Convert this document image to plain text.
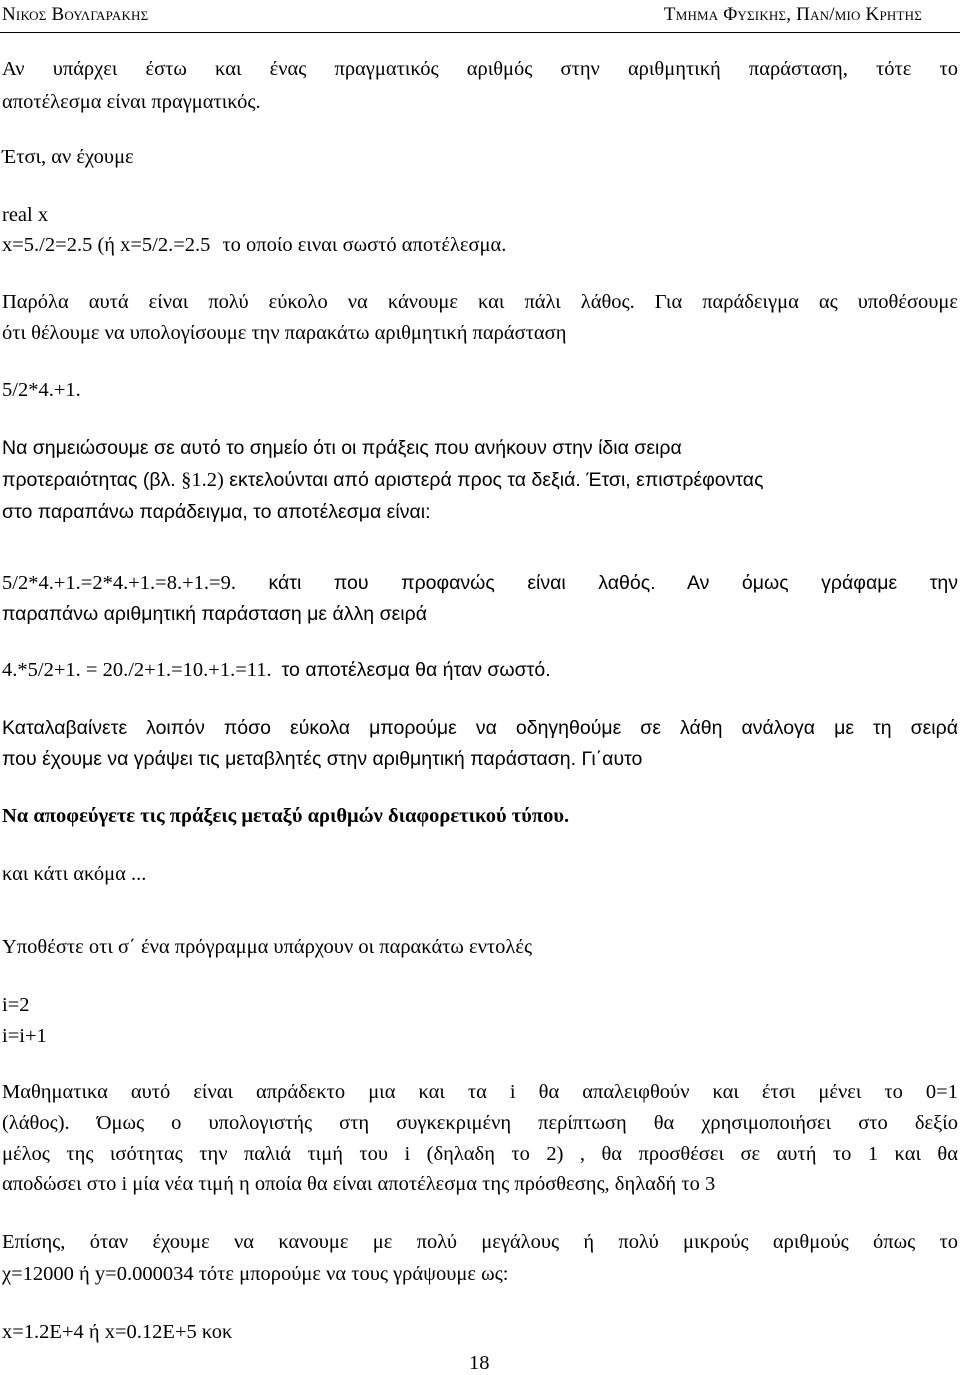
Νικος Βουλγαρακης	Τμημα Φυσικης, Παν/μιο Κρητης
Αν υπάρχει έστω και ένας πραγματικός αριθμός στην αριθμητική παράσταση, τότε το
αποτέλεσμα είναι πραγματικός.
Έτσι, αν έχουμε
real x
x=5./2=2.5 (ή x=5/2.=2.5 το οποίο ειναι σωστό αποτέλεσμα.
Παρόλα αυτά είναι πολύ εύκολο να κάνουμε και πάλι λάθος. Για παράδειγμα ας υποθέσουμε
ότι θέλουμε να υπολογίσουμε την παρακάτω αριθμητική παράσταση
5/2*4.+1.
Να σημειώσουμε σε αυτό το σημείο ότι οι πράξεις που ανήκουν στην ίδια σειρα
προτεραιότητας (βλ. §1.2) εκτελούνται από αριστερά προς τα δεξιά. Έτσι, επιστρέφοντας
στο παραπάνω παράδειγμα, το αποτέλεσμα είναι:
5/2*4.+1.=2*4.+1.=8.+1.=9. κάτι που προφανώς είναι λαθός. Αν όμως γράφαμε την
παραπάνω αριθμητική παράσταση με άλλη σειρά
4.*5/2+1. = 20./2+1.=10.+1.=11. το αποτέλεσμα θα ήταν σωστό.
Καταλαβαίνετε λοιπόν πόσο εύκολα μπορούμε να οδηγηθούμε σε λάθη ανάλογα με τη σειρά
που έχουμε να γράψει τις μεταβλητές στην αριθμητική παράσταση. Γι΄αυτο
Να αποφεύγετε τις πράξεις μεταξύ αριθμών διαφορετικού τύπου.
και κάτι ακόμα ...
Υποθέστε οτι σ΄ ένα πρόγραμμα υπάρχουν οι παρακάτω εντολές
i=2
i=i+1
Μαθηματικα αυτό είναι απράδεκτο μια και τα i θα απαλειφθούν και έτσι μένει το 0=1
(λάθος). Όμως ο υπολογιστής στη συγκεκριμένη περίπτωση θα χρησιμοποιήσει στο δεξίο
μέλος της ισότητας την παλιά τιμή του i (δηλαδη το 2) , θα προσθέσει σε αυτή το 1 και θα
αποδώσει στο i μία νέα τιμή η οποία θα είναι αποτέλεσμα της πρόσθεσης, δηλαδή το 3
Επίσης, όταν έχουμε να κανουμε με πολύ μεγάλους ή πολύ μικρούς αριθμούς όπως το
χ=12000 ή y=0.000034 τότε μπορούμε να τους γράψουμε ως:
x=1.2E+4 ή x=0.12E+5 κοκ
18
